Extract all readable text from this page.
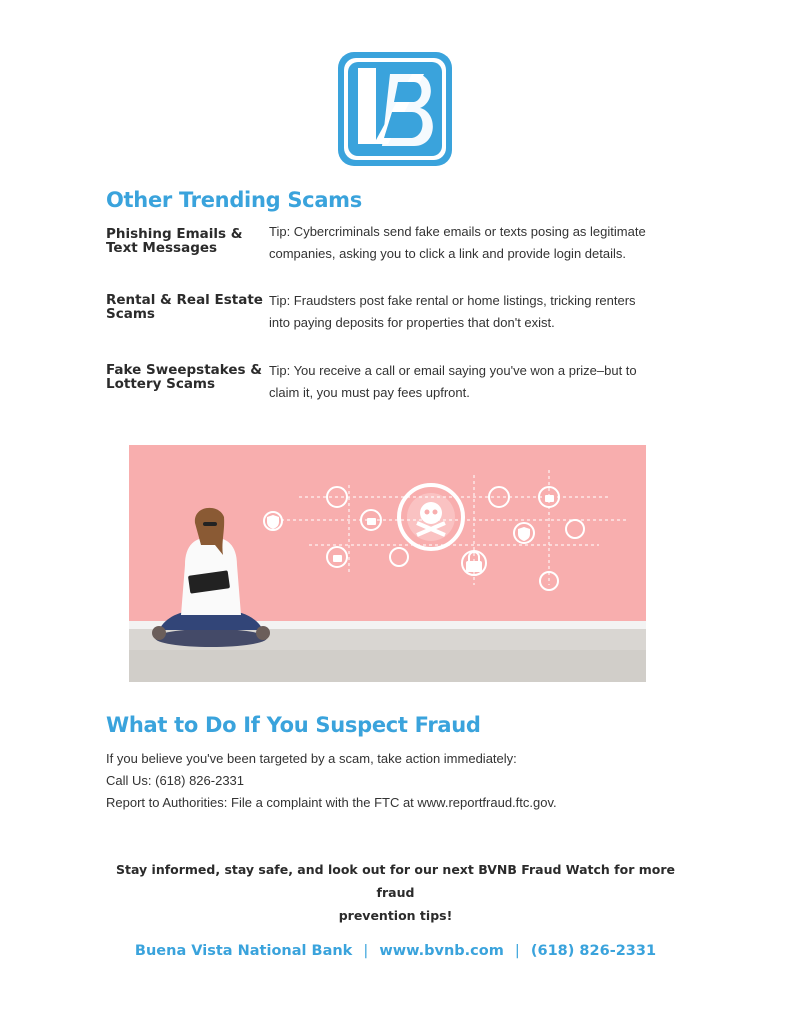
Other Trending Scams
Phishing Emails &
Text Messages
Tip: Cybercriminals send fake emails or texts posing as legitimate
companies, asking you to click a link and provide login details.
Rental & Real Estate
Scams
Tip: Fraudsters post fake rental or home listings, tricking renters
into paying deposits for properties that don't exist.
Fake Sweepstakes &
Lottery Scams
Tip: You receive a call or email saying you've won a prize–but to
claim it, you must pay fees upfront.
What to Do If You Suspect Fraud
If you believe you've been targeted by a scam, take action immediately:
Call Us: (618) 826-2331
Report to Authorities: File a complaint with the FTC at www.reportfraud.ftc.gov.
Stay informed, stay safe, and look out for our next BVNB Fraud Watch for more fraud
prevention tips!
Buena Vista National Bank | www.bvnb.com | (618) 826-2331
